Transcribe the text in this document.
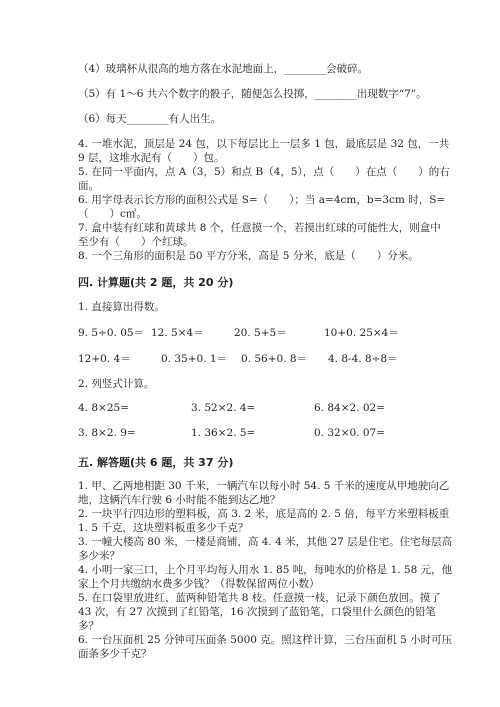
（4）玻璃杯从很高的地方落在水泥地面上，________会破碎。
（5）有 1～6 共六个数字的骰子，随便怎么投掷，________出现数字“7”。
（6）每天________有人出生。
4. 一堆水泥，顶层是 24 包，以下每层比上一层多 1 包，最底层是 32 包，一共
9 层，这堆水泥有（　　）包。
5. 在同一平面内，点 A（3，5）和点 B（4，5），点（　　）在点（　　）的右
面。
6. 用字母表示长方形的面积公式是 S=（　　）；当 a=4cm，b=3cm 时，S=
（　　）c㎡。
7. 盒中装有红球和黄球共 8 个，任意摸一个，若摸出红球的可能性大，则盒中
至少有（　　）个红球。
8. 一个三角形的面积是 50 平方分米，高是 5 分米，底是（　　）分米。
四. 计算题(共 2 题，共 20 分)
1. 直接算出得数。
9. 5÷0. 05＝ 12. 5×4＝	20. 5+5＝	10+0. 25×4＝
12+0. 4＝	0. 35+0. 1＝ 0. 56+0. 8＝ 4. 8-4. 8÷8＝
2. 列竖式计算。
4. 8×25=	3. 52×2. 4=	6. 84×2. 02=
3. 8×2. 9=	1. 36×2. 5=	0. 32×0. 07=
五. 解答题(共 6 题，共 37 分)
1. 甲、乙两地相距 30 千米，一辆汽车以每小时 54. 5 千米的速度从甲地驶向乙
地，这辆汽车行驶 6 小时能不能到达乙地？
2. 一块平行四边形的塑料板，高 3. 2 米，底是高的 2. 5 倍，每平方米塑料板重
1. 5 千克，这块塑料板重多少千克？
3. 一幢大楼高 80 米，一楼是商铺，高 4. 4 米，其他 27 层是住宅。住宅每层高
多少米？
4. 小明一家三口，上个月平均每人用水 1. 85 吨，每吨水的价格是 1. 58 元，他
家上个月共缴纳水费多少钱？（得数保留两位小数）
5. 在口袋里放进红、蓝两种铅笔共 8 枝。任意摸一枝，记录下颜色放回。摸了
43 次，有 27 次摸到了红铅笔，16 次摸到了蓝铅笔，口袋里什么颜色的铅笔
多？
6. 一台压面机 25 分钟可压面条 5000 克。照这样计算，三台压面机 5 小时可压
面条多少千克？
